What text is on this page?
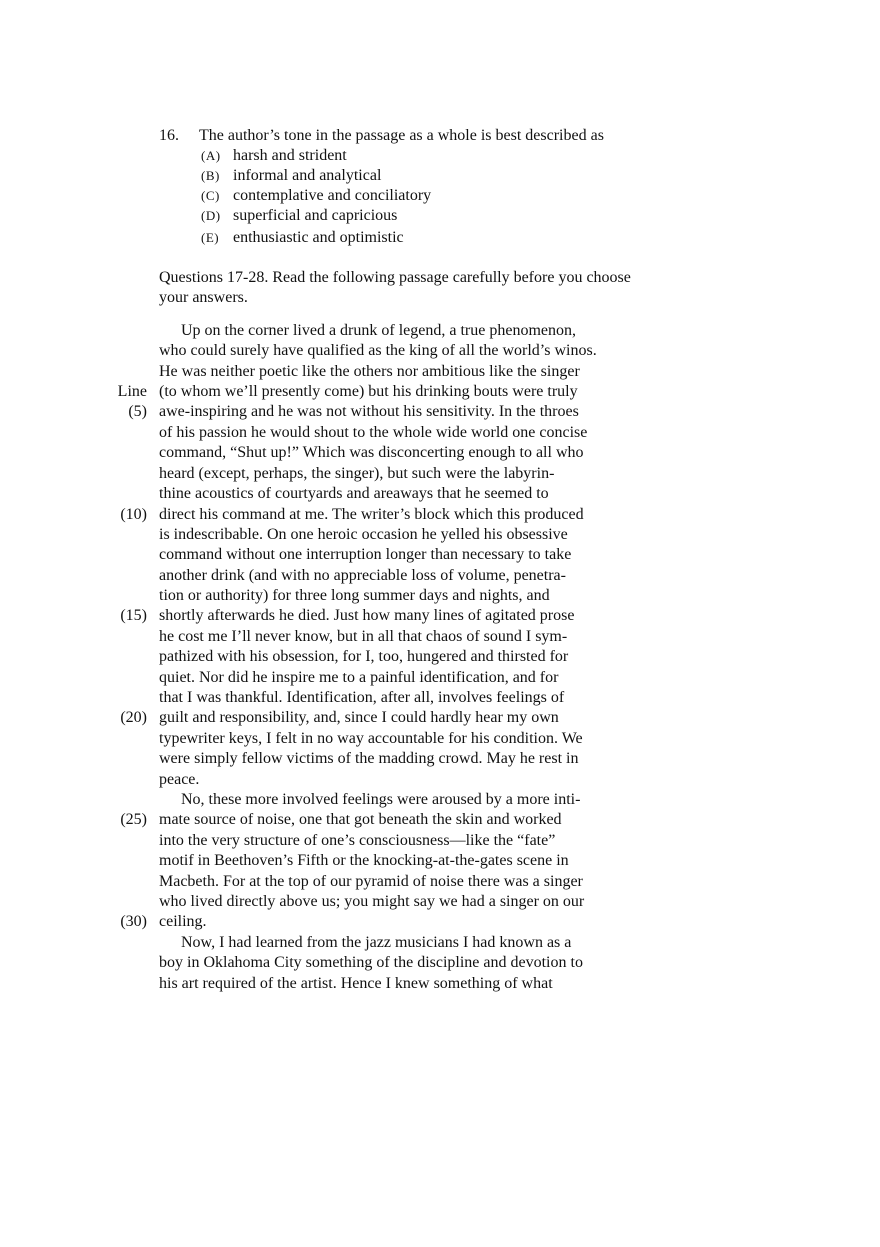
16. The author’s tone in the passage as a whole is best described as
(A) harsh and strident
(B) informal and analytical
(C) contemplative and conciliatory
(D) superficial and capricious
(E) enthusiastic and optimistic
Questions 17-28. Read the following passage carefully before you choose
your answers.
Line
(5)
(10)
(15)
(20)
(25)
(30)
Up on the corner lived a drunk of legend, a true phenomenon,
who could surely have qualified as the king of all the world’s winos.
He was neither poetic like the others nor ambitious like the singer
(to whom we’ll presently come) but his drinking bouts were truly
awe-inspiring and he was not without his sensitivity. In the throes
of his passion he would shout to the whole wide world one concise
command, “Shut up!” Which was disconcerting enough to all who
heard (except, perhaps, the singer), but such were the labyrin-
thine acoustics of courtyards and areaways that he seemed to
direct his command at me. The writer’s block which this produced
is indescribable. On one heroic occasion he yelled his obsessive
command without one interruption longer than necessary to take
another drink (and with no appreciable loss of volume, penetra-
tion or authority) for three long summer days and nights, and
shortly afterwards he died. Just how many lines of agitated prose
he cost me I’ll never know, but in all that chaos of sound I sym-
pathized with his obsession, for I, too, hungered and thirsted for
quiet. Nor did he inspire me to a painful identification, and for
that I was thankful. Identification, after all, involves feelings of
guilt and responsibility, and, since I could hardly hear my own
typewriter keys, I felt in no way accountable for his condition. We
were simply fellow victims of the madding crowd. May he rest in
peace.
No, these more involved feelings were aroused by a more inti-
mate source of noise, one that got beneath the skin and worked
into the very structure of one’s consciousness—like the “fate”
motif in Beethoven’s Fifth or the knocking-at-the-gates scene in
Macbeth. For at the top of our pyramid of noise there was a singer
who lived directly above us; you might say we had a singer on our
ceiling.
Now, I had learned from the jazz musicians I had known as a
boy in Oklahoma City something of the discipline and devotion to
his art required of the artist. Hence I knew something of what
